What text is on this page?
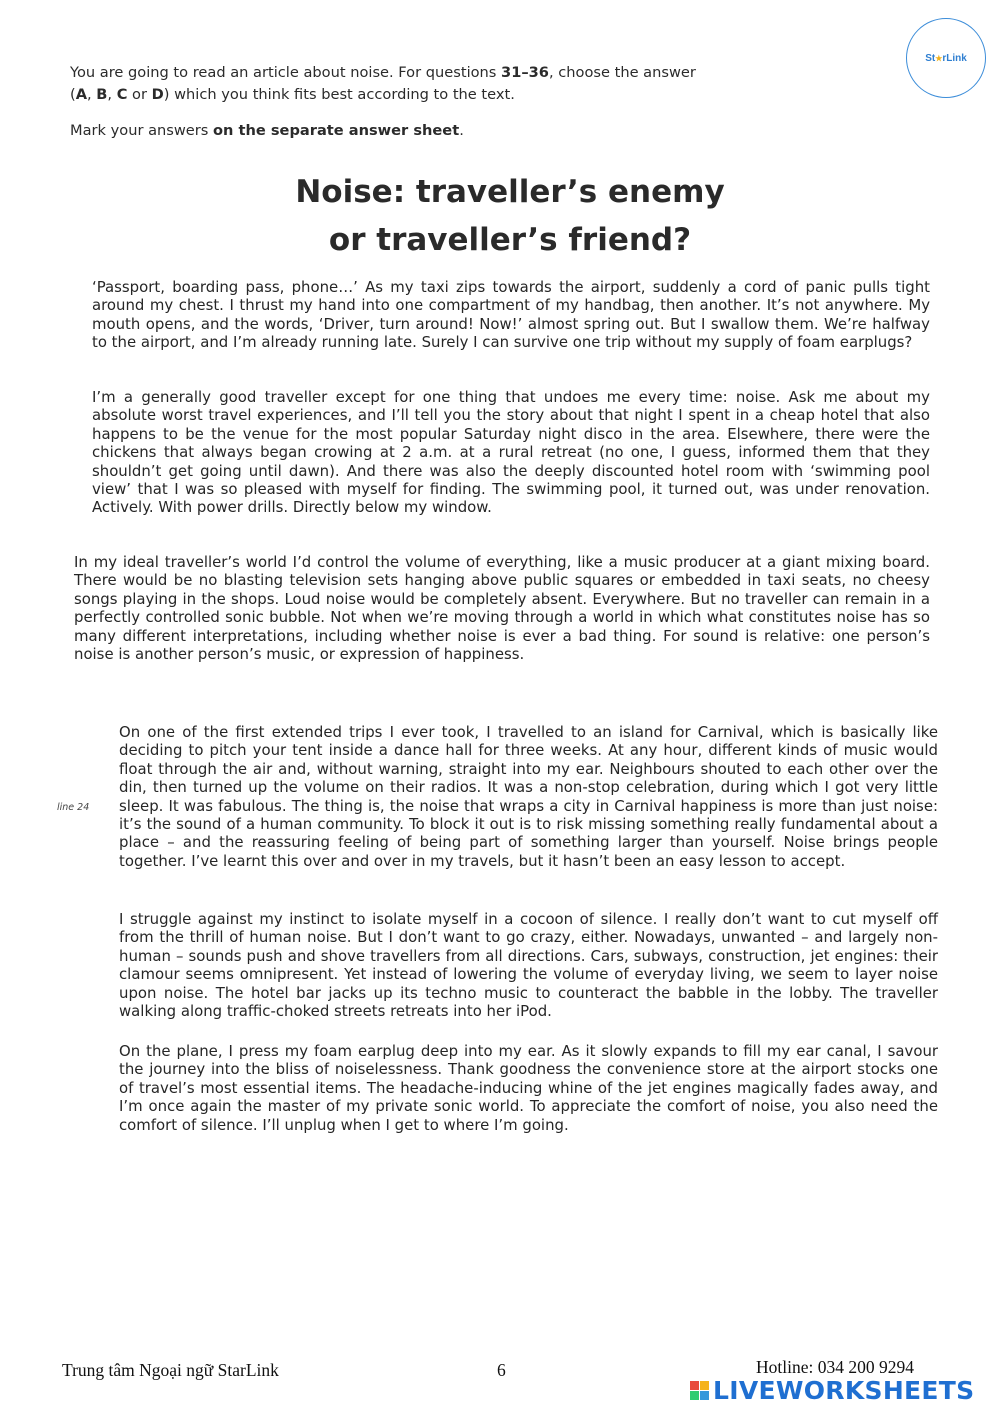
You are going to read an article about noise. For questions 31–36, choose the answer (A, B, C or D) which you think fits best according to the text.

Mark your answers on the separate answer sheet.

St ★ rLink
Noise: traveller’s enemy
or traveller’s friend?

‘Passport, boarding pass, phone…’ As my taxi zips towards the airport, suddenly a cord of panic pulls tight around my chest. I thrust my hand into one compartment of my handbag, then another. It’s not anywhere. My mouth opens, and the words, ‘Driver, turn around! Now!’ almost spring out. But I swallow them. We’re halfway to the airport, and I’m already running late. Surely I can survive one trip without my supply of foam earplugs?

I’m a generally good traveller except for one thing that undoes me every time: noise. Ask me about my absolute worst travel experiences, and I’ll tell you the story about that night I spent in a cheap hotel that also happens to be the venue for the most popular Saturday night disco in the area. Elsewhere, there were the chickens that always began crowing at 2 a.m. at a rural retreat (no one, I guess, informed them that they shouldn’t get going until dawn). And there was also the deeply discounted hotel room with ‘swimming pool view’ that I was so pleased with myself for finding. The swimming pool, it turned out, was under renovation. Actively. With power drills. Directly below my window.

In my ideal traveller’s world I’d control the volume of everything, like a music producer at a giant mixing board. There would be no blasting television sets hanging above public squares or embedded in taxi seats, no cheesy songs playing in the shops. Loud noise would be completely absent. Everywhere. But no traveller can remain in a perfectly controlled sonic bubble. Not when we’re moving through a world in which what constitutes noise has so many different interpretations, including whether noise is ever a bad thing. For sound is relative: one person’s noise is another person’s music, or expression of happiness.

line 24

On one of the first extended trips I ever took, I travelled to an island for Carnival, which is basically like deciding to pitch your tent inside a dance hall for three weeks. At any hour, different kinds of music would float through the air and, without warning, straight into my ear. Neighbours shouted to each other over the din, then turned up the volume on their radios. It was a non-stop celebration, during which I got very little sleep. It was fabulous. The thing is, the noise that wraps a city in Carnival happiness is more than just noise: it’s the sound of a human community. To block it out is to risk missing something really fundamental about a place – and the reassuring feeling of being part of something larger than yourself. Noise brings people together. I’ve learnt this over and over in my travels, but it hasn’t been an easy lesson to accept.

I struggle against my instinct to isolate myself in a cocoon of silence. I really don’t want to cut myself off from the thrill of human noise. But I don’t want to go crazy, either. Nowadays, unwanted – and largely non-human – sounds push and shove travellers from all directions. Cars, subways, construction, jet engines: their clamour seems omnipresent. Yet instead of lowering the volume of everyday living, we seem to layer noise upon noise. The hotel bar jacks up its techno music to counteract the babble in the lobby. The traveller walking along traffic-choked streets retreats into her iPod.

On the plane, I press my foam earplug deep into my ear. As it slowly expands to fill my ear canal, I savour the journey into the bliss of noiselessness. Thank goodness the convenience store at the airport stocks one of travel’s most essential items. The headache-inducing whine of the jet engines magically fades away, and I’m once again the master of my private sonic world. To appreciate the comfort of noise, you also need the comfort of silence. I’ll unplug when I get to where I’m going.

Trung tâm Ngoại ngữ StarLink	6	Hotline: 034 200 9294
LIVEWORKSHEETS
